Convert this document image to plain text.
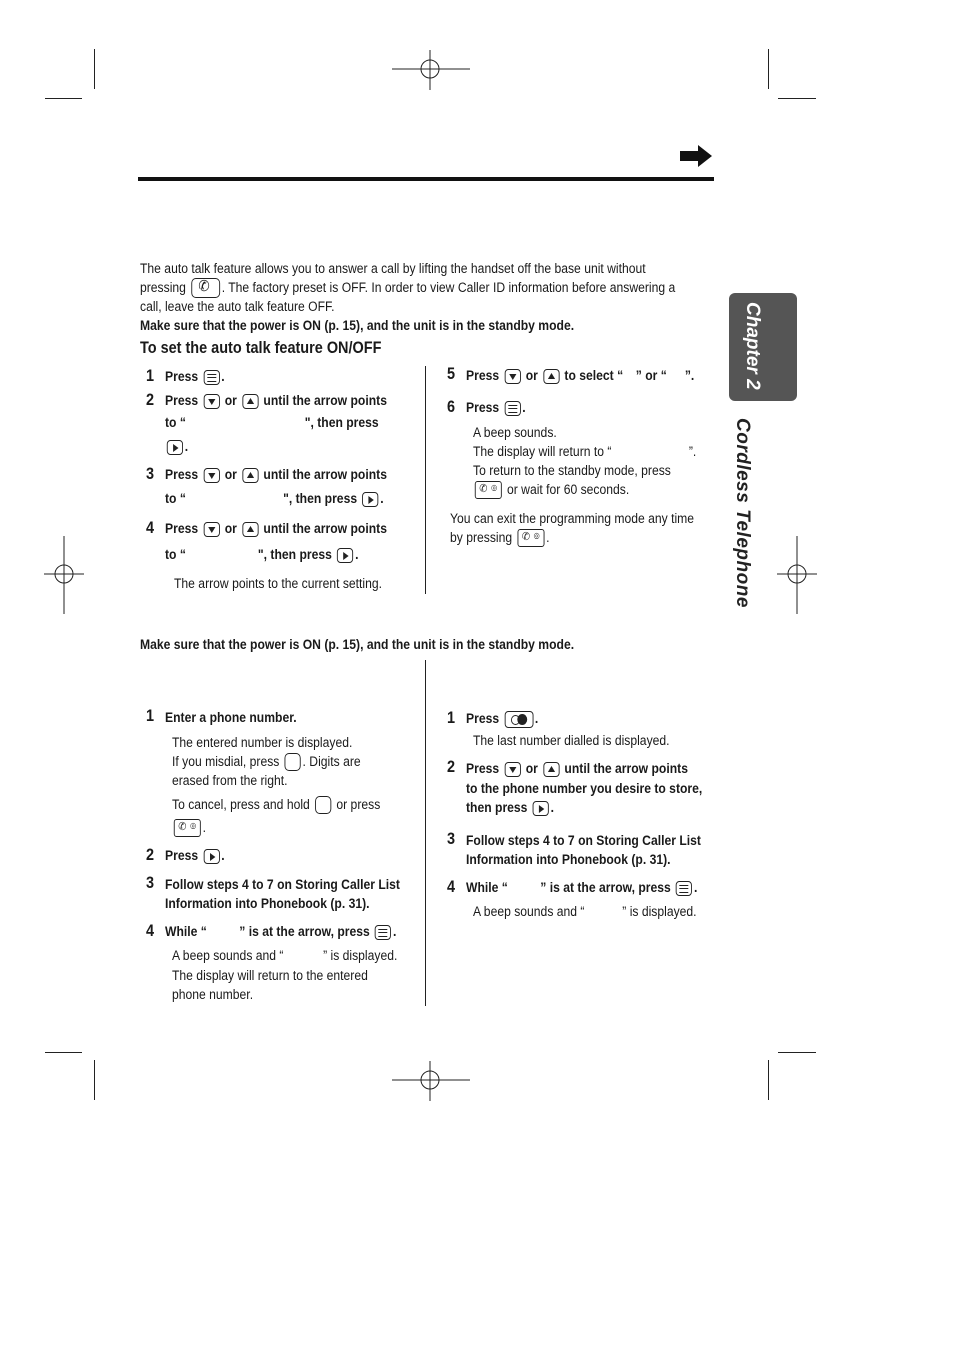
Chapter 2
Cordless Telephone
The auto talk feature allows you to answer a call by lifting the handset off the base unit without
pressing ✆ . The factory preset is OFF. In order to view Caller ID information before answering a
call, leave the auto talk feature OFF.
Make sure that the power is ON (p. 15), and the unit is in the standby mode.
To set the auto talk feature ON/OFF
1 Press .
2 Press or until the arrow points
to “	", then press
.
3 Press or until the arrow points
to “	", then press .
4 Press or until the arrow points
to “	", then press .
The arrow points to the current setting.
5 Press or to select “ ” or “ ”.
6 Press .
A beep sounds.
The display will return to “	”.
To return to the standby mode, press
✆ ◎ or wait for 60 seconds.
You can exit the programming mode any time
by pressing ✆ ◎ .
Make sure that the power is ON (p. 15), and the unit is in the standby mode.
1 Enter a phone number.
The entered number is displayed.
If you misdial, press . Digits are
erased from the right.
To cancel, press and hold or press
✆ ◎ .
2 Press .
3 Follow steps 4 to 7 on Storing Caller List
Information into Phonebook (p. 31).
4 While “ ” is at the arrow, press .
A beep sounds and “	” is displayed.
The display will return to the entered
phone number.
1 Press	.
The last number dialled is displayed.
2 Press or until the arrow points
to the phone number you desire to store,
then press .
3 Follow steps 4 to 7 on Storing Caller List
Information into Phonebook (p. 31).
4 While “ ” is at the arrow, press .
A beep sounds and “	” is displayed.
